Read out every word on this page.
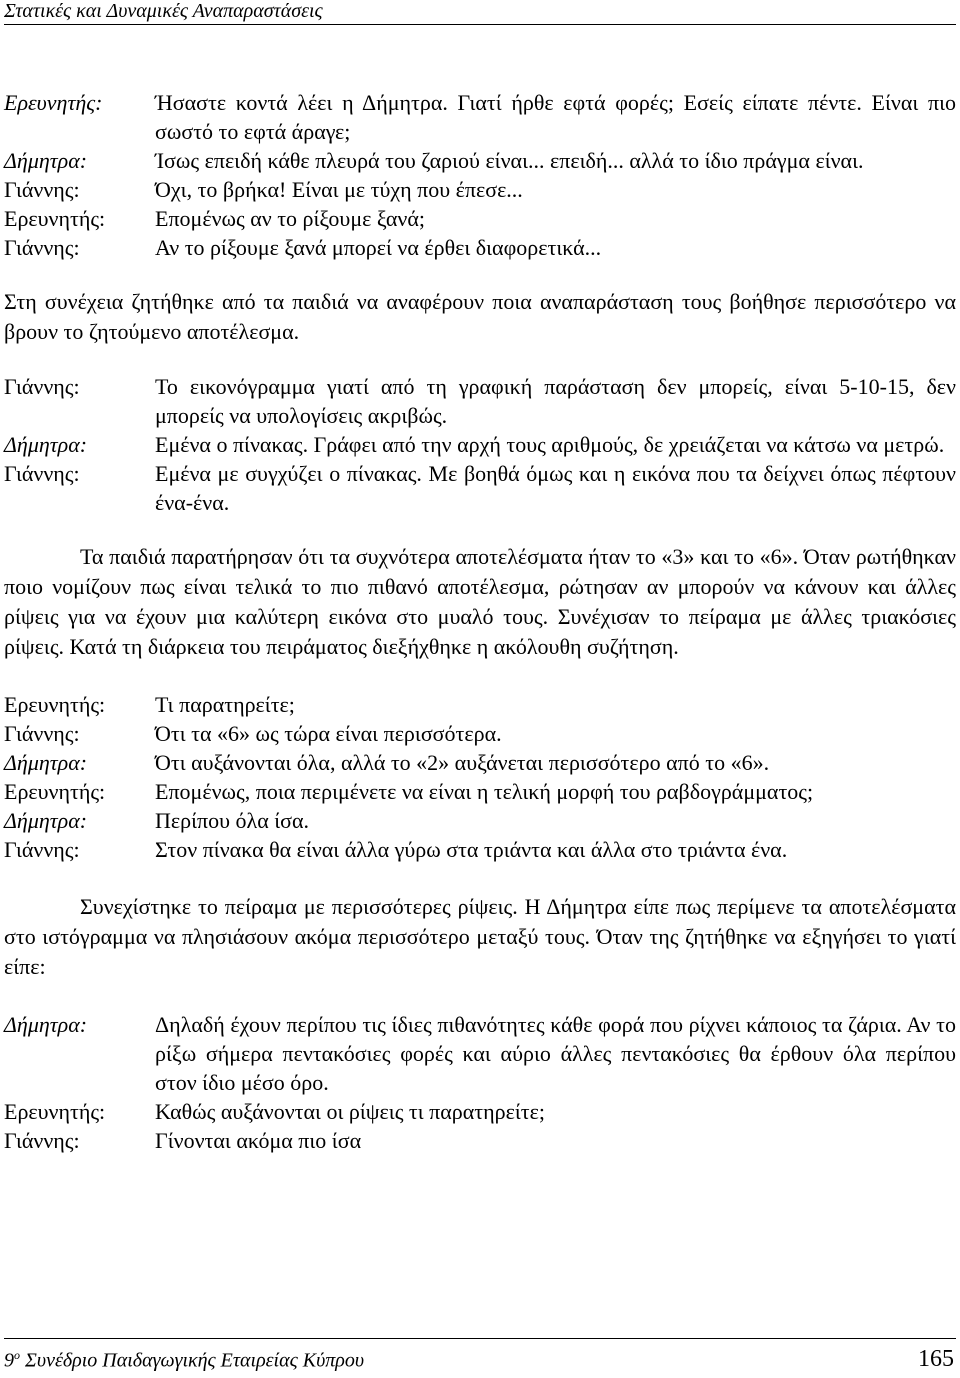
Στατικές και Δυναμικές Αναπαραστάσεις
Ερευνητής:	Ήσαστε κοντά λέει η Δήμητρα. Γιατί ήρθε εφτά φορές; Εσείς είπατε πέντε. Είναι πιο σωστό το εφτά άραγε;
Δήμητρα:	Ίσως επειδή κάθε πλευρά του ζαριού είναι... επειδή... αλλά το ίδιο πράγμα είναι.
Γιάννης:	Όχι, το βρήκα! Είναι με τύχη που έπεσε...
Ερευνητής:	Επομένως αν το ρίξουμε ξανά;
Γιάννης:	Αν το ρίξουμε ξανά μπορεί να έρθει διαφορετικά...

Στη συνέχεια ζητήθηκε από τα παιδιά να αναφέρουν ποια αναπαράσταση τους βοήθησε περισσότερο να βρουν το ζητούμενο αποτέλεσμα.

Γιάννης:	Το εικονόγραμμα γιατί από τη γραφική παράσταση δεν μπορείς, είναι 5-10-15, δεν μπορείς να υπολογίσεις ακριβώς.
Δήμητρα:	Εμένα ο πίνακας. Γράφει από την αρχή τους αριθμούς, δε χρειάζεται να κάτσω να μετρώ.
Γιάννης:	Εμένα με συγχύζει ο πίνακας. Με βοηθά όμως και η εικόνα που τα δείχνει όπως πέφτουν ένα-ένα.

Τα παιδιά παρατήρησαν ότι τα συχνότερα αποτελέσματα ήταν το «3» και το «6». Όταν ρωτήθηκαν ποιο νομίζουν πως είναι τελικά το πιο πιθανό αποτέλεσμα, ρώτησαν αν μπορούν να κάνουν και άλλες ρίψεις για να έχουν μια καλύτερη εικόνα στο μυαλό τους. Συνέχισαν το πείραμα με άλλες τριακόσιες ρίψεις. Κατά τη διάρκεια του πειράματος διεξήχθηκε η ακόλουθη συζήτηση.

Ερευνητής:	Τι παρατηρείτε;
Γιάννης:	Ότι τα «6» ως τώρα είναι περισσότερα.
Δήμητρα:	Ότι αυξάνονται όλα, αλλά το «2» αυξάνεται περισσότερο από το «6».
Ερευνητής:	Επομένως, ποια περιμένετε να είναι η τελική μορφή του ραβδογράμματος;
Δήμητρα:	Περίπου όλα ίσα.
Γιάννης:	Στον πίνακα θα είναι άλλα γύρω στα τριάντα και άλλα στο τριάντα ένα.

Συνεχίστηκε το πείραμα με περισσότερες ρίψεις. Η Δήμητρα είπε πως περίμενε τα αποτελέσματα στο ιστόγραμμα να πλησιάσουν ακόμα περισσότερο μεταξύ τους. Όταν της ζητήθηκε να εξηγήσει το γιατί είπε:

Δήμητρα:	Δηλαδή έχουν περίπου τις ίδιες πιθανότητες κάθε φορά που ρίχνει κάποιος τα ζάρια. Αν το ρίξω σήμερα πεντακόσιες φορές και αύριο άλλες πεντακόσιες θα έρθουν όλα περίπου στον ίδιο μέσο όρο.
Ερευνητής:	Καθώς αυξάνονται οι ρίψεις τι παρατηρείτε;
Γιάννης:	Γίνονται ακόμα πιο ίσα
$9^o$ Συνέδριο Παιδαγωγικής Εταιρείας Κύπρου	165
